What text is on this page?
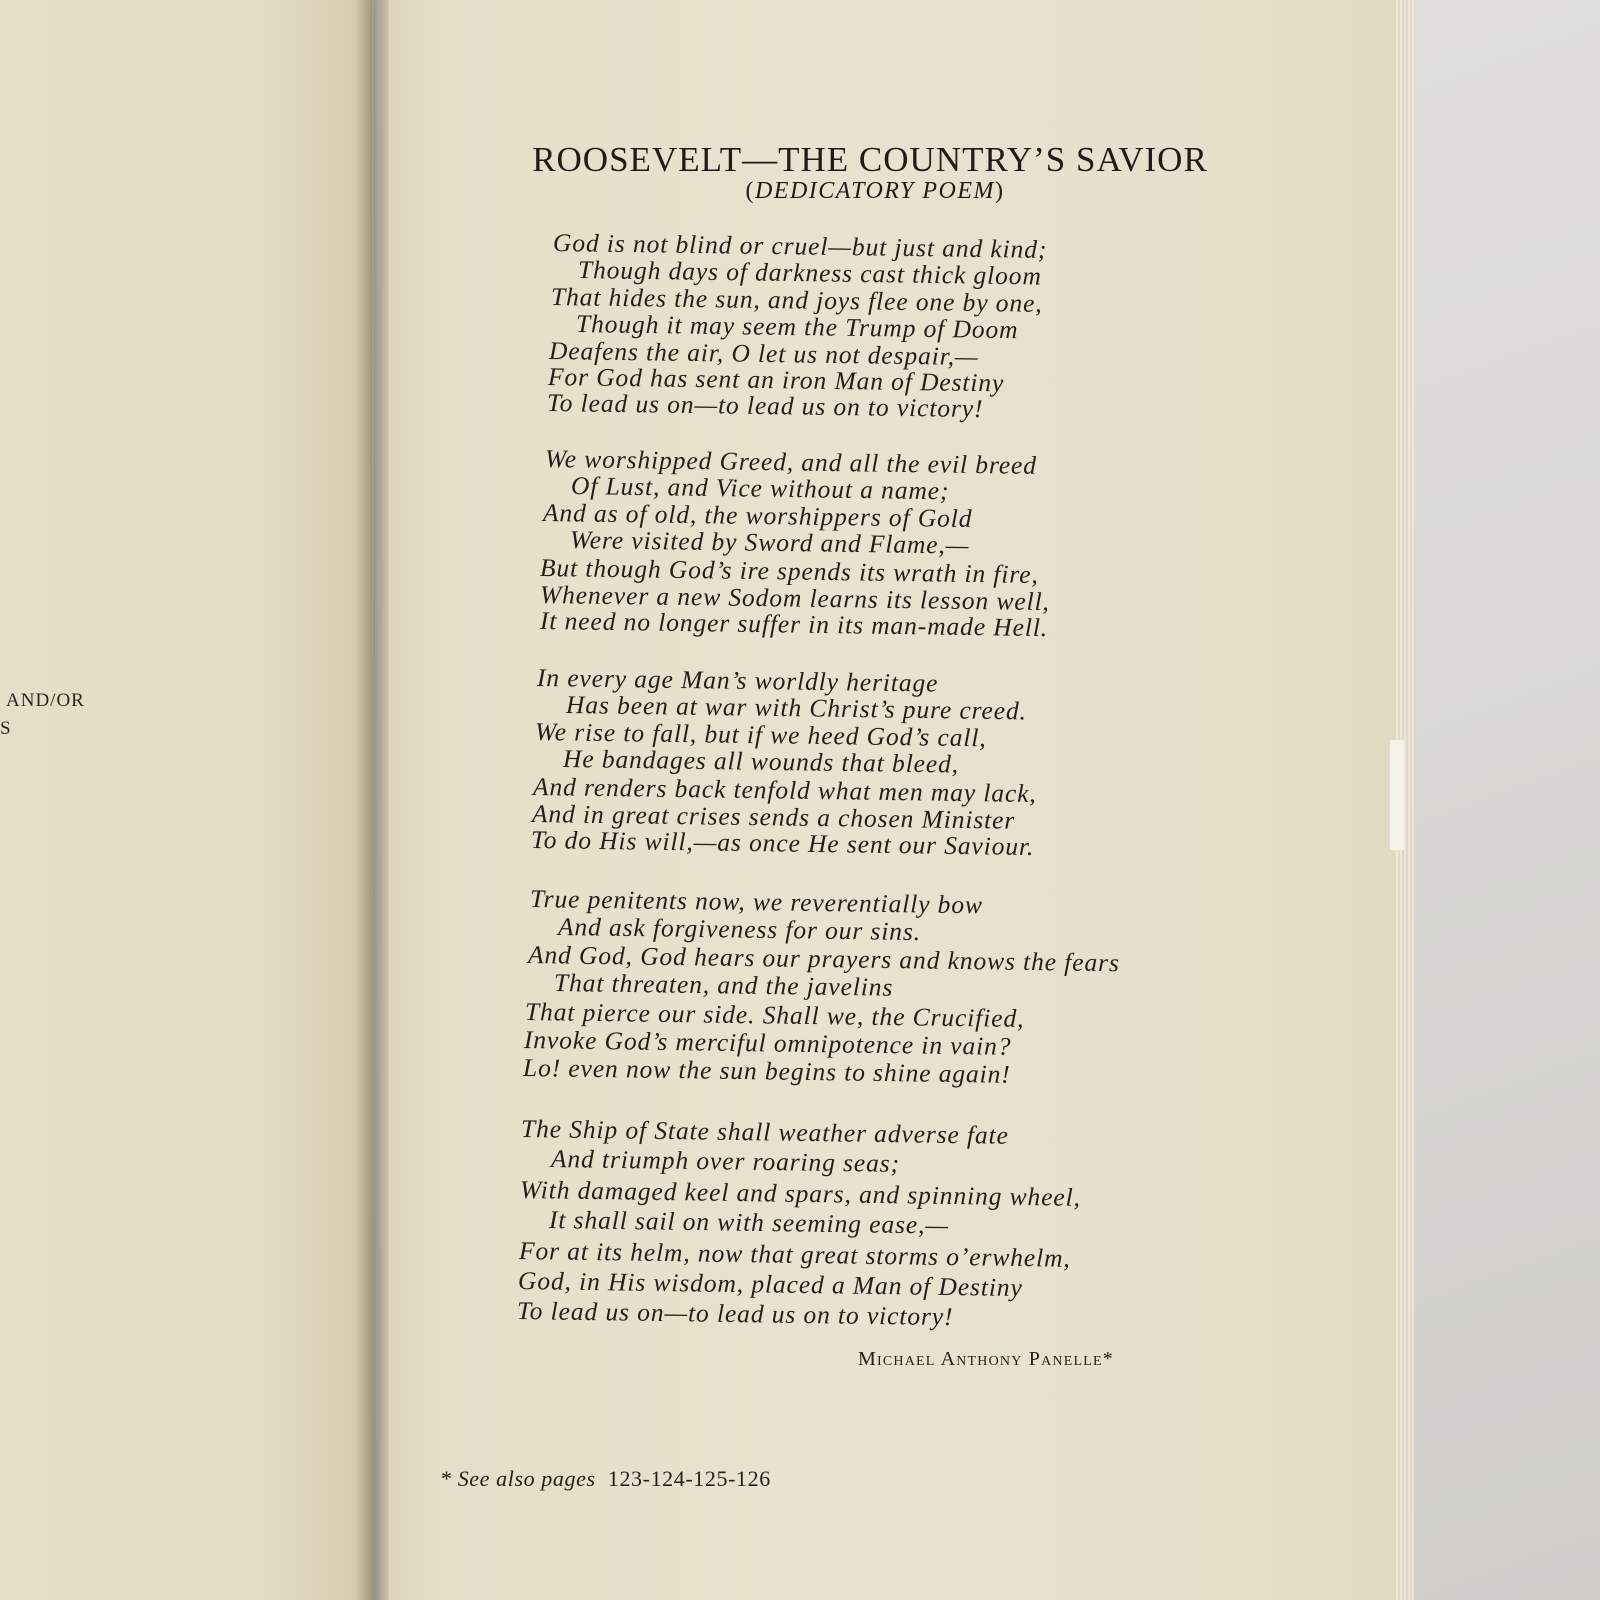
AND/OR
S
ROOSEVELT—THE COUNTRY’S SAVIOR
(DEDICATORY POEM)
God is not blind or cruel—but just and kind;
Though days of darkness cast thick gloom
That hides the sun, and joys flee one by one,
Though it may seem the Trump of Doom
Deafens the air, O let us not despair,—
For God has sent an iron Man of Destiny
To lead us on—to lead us on to victory!
We worshipped Greed, and all the evil breed
Of Lust, and Vice without a name;
And as of old, the worshippers of Gold
Were visited by Sword and Flame,—
But though God’s ire spends its wrath in fire,
Whenever a new Sodom learns its lesson well,
It need no longer suffer in its man-made Hell.
In every age Man’s worldly heritage
Has been at war with Christ’s pure creed.
We rise to fall, but if we heed God’s call,
He bandages all wounds that bleed,
And renders back tenfold what men may lack,
And in great crises sends a chosen Minister
To do His will,—as once He sent our Saviour.
True penitents now, we reverentially bow
And ask forgiveness for our sins.
And God, God hears our prayers and knows the fears
That threaten, and the javelins
That pierce our side. Shall we, the Crucified,
Invoke God’s merciful omnipotence in vain?
Lo! even now the sun begins to shine again!
The Ship of State shall weather adverse fate
And triumph over roaring seas;
With damaged keel and spars, and spinning wheel,
It shall sail on with seeming ease,—
For at its helm, now that great storms o’erwhelm,
God, in His wisdom, placed a Man of Destiny
To lead us on—to lead us on to victory!
Michael Anthony Panelle*
* See also pages 123-124-125-126
